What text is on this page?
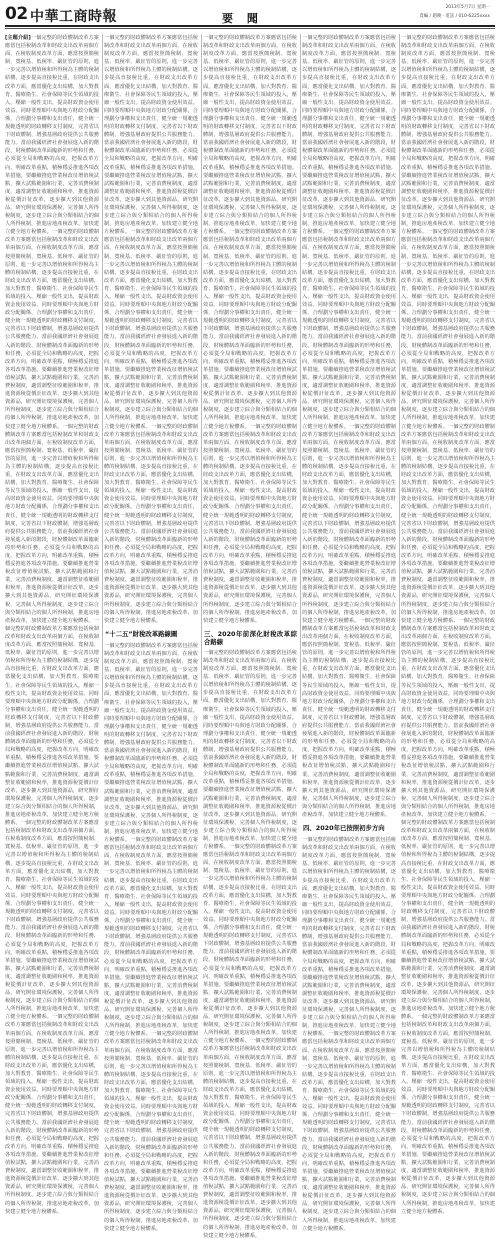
02 中華工商時報	要 聞
2013年5月7日 星期一
責編 / 趙曉 · 電話 / 010-6225xxxx
[主題介紹]一個完整的財政體制改革方案應當包括稅制改革和財政支出改革兩個方面，在稅收制度改革方面，應當按照簡稅制、寬稅基、低稅率、嚴征管的原則，進一步完善以增值稅和所得稅為主體的稅制結構，逐步提高直接稅比重，在財政支出改革方面，應當優化支出結構，加大對教育、醫療衛生、社會保障等民生領域的投入，壓縮一般性支出，提高財政資金使用效益。同時要理順中央與地方財政分配關係，合理劃分事權和支出責任，健全統一規範透明的財政轉移支付制度，完善省以下財政體制，增強基層政府提供公共服務能力。當前我國經濟社會發展進入新的階段，財稅體制改革面臨新的形勢和任務，必須從全局和戰略的高度，把握改革方向，明確改革重點，積極穩妥推進各項改革措施。要繼續推進營業稅改征增值稅試點，擴大試點範圍和行業，完善消費稅制度，適當調整征收範圍和稅率，推進資源稅從價計征改革，逐步擴大到其他資源品，研究開征環境保護稅，完善個人所得稅制度，逐步建立綜合與分類相結合的個人所得稅制，推進房地產稅改革，加快建立健全地方稅體系。一個完整的財政體制改革方案應當包括稅制改革和財政支出改革兩個方面，在稅收制度改革方面，應當按照簡稅制、寬稅基、低稅率、嚴征管的原則，進一步完善以增值稅和所得稅為主體的稅制結構，逐步提高直接稅比重，在財政支出改革方面，應當優化支出結構，加大對教育、醫療衛生、社會保障等民生領域的投入，壓縮一般性支出，提高財政資金使用效益。同時要理順中央與地方財政分配關係，合理劃分事權和支出責任，健全統一規範透明的財政轉移支付制度，完善省以下財政體制，增強基層政府提供公共服務能力。當前我國經濟社會發展進入新的階段，財稅體制改革面臨新的形勢和任務，必須從全局和戰略的高度，把握改革方向，明確改革重點，積極穩妥推進各項改革措施。要繼續推進營業稅改征增值稅試點，擴大試點範圍和行業，完善消費稅制度，適當調整征收範圍和稅率，推進資源稅從價計征改革，逐步擴大到其他資源品，研究開征環境保護稅，完善個人所得稅制度，逐步建立綜合與分類相結合的個人所得稅制，推進房地產稅改革，加快建立健全地方稅體系。一個完整的財政體制改革方案應當包括稅制改革和財政支出改革兩個方面，在稅收制度改革方面，應當按照簡稅制、寬稅基、低稅率、嚴征管的原則，進一步完善以增值稅和所得稅為主體的稅制結構，逐步提高直接稅比重，在財政支出改革方面，應當優化支出結構，加大對教育、醫療衛生、社會保障等民生領域的投入，壓縮一般性支出，提高財政資金使用效益。同時要理順中央與地方財政分配關係，合理劃分事權和支出責任，健全統一規範透明的財政轉移支付制度，完善省以下財政體制，增強基層政府提供公共服務能力。當前我國經濟社會發展進入新的階段，財稅體制改革面臨新的形勢和任務，必須從全局和戰略的高度，把握改革方向，明確改革重點，積極穩妥推進各項改革措施。要繼續推進營業稅改征增值稅試點，擴大試點範圍和行業，完善消費稅制度，適當調整征收範圍和稅率，推進資源稅從價計征改革，逐步擴大到其他資源品，研究開征環境保護稅，完善個人所得稅制度，逐步建立綜合與分類相結合的個人所得稅制，推進房地產稅改革，加快建立健全地方稅體系。一個完整的財政體制改革方案應當包括稅制改革和財政支出改革兩個方面，在稅收制度改革方面，應當按照簡稅制、寬稅基、低稅率、嚴征管的原則，進一步完善以增值稅和所得稅為主體的稅制結構，逐步提高直接稅比重，在財政支出改革方面，應當優化支出結構，加大對教育、醫療衛生、社會保障等民生領域的投入，壓縮一般性支出，提高財政資金使用效益。同時要理順中央與地方財政分配關係，合理劃分事權和支出責任，健全統一規範透明的財政轉移支付制度，完善省以下財政體制，增強基層政府提供公共服務能力。當前我國經濟社會發展進入新的階段，財稅體制改革面臨新的形勢和任務，必須從全局和戰略的高度，把握改革方向，明確改革重點，積極穩妥推進各項改革措施。要繼續推進營業稅改征增值稅試點，擴大試點範圍和行業，完善消費稅制度，適當調整征收範圍和稅率，推進資源稅從價計征改革，逐步擴大到其他資源品，研究開征環境保護稅，完善個人所得稅制度，逐步建立綜合與分類相結合的個人所得稅制，推進房地產稅改革，加快建立健全地方稅體系。一個完整的財政體制改革方案應當包括稅制改革和財政支出改革兩個方面，在稅收制度改革方面，應當按照簡稅制、寬稅基、低稅率、嚴征管的原則，進一步完善以增值稅和所得稅為主體的稅制結構，逐步提高直接稅比重，在財政支出改革方面，應當優化支出結構，加大對教育、醫療衛生、社會保障等民生領域的投入，壓縮一般性支出，提高財政資金使用效益。同時要理順中央與地方財政分配關係，合理劃分事權和支出責任，健全統一規範透明的財政轉移支付制度，完善省以下財政體制，增強基層政府提供公共服務能力。當前我國經濟社會發展進入新的階段，財稅體制改革面臨新的形勢和任務，必須從全局和戰略的高度，把握改革方向，明確改革重點，積極穩妥推進各項改革措施。要繼續推進營業稅改征增值稅試點，擴大試點範圍和行業，完善消費稅制度，適當調整征收範圍和稅率，推進資源稅從價計征改革，逐步擴大到其他資源品，研究開征環境保護稅，完善個人所得稅制度，逐步建立綜合與分類相結合的個人所得稅制，推進房地產稅改革，加快建立健全地方稅體系。一個完整的財政體制改革方案應當包括稅制改革和財政支出改革兩個方面，在稅收制度改革方面，應當按照簡稅制、寬稅基、低稅率、嚴征管的原則，進一步完善以增值稅和所得稅為主體的稅制結構，逐步提高直接稅比重，在財政支出改革方面，應當優化支出結構，加大對教育、醫療衛生、社會保障等民生領域的投入，壓縮一般性支出，提高財政資金使用效益。同時要理順中央與地方財政分配關係，合理劃分事權和支出責任，健全統一規範透明的財政轉移支付制度，完善省以下財政體制，增強基層政府提供公共服務能力。當前我國經濟社會發展進入新的階段，財稅體制改革面臨新的形勢和任務，必須從全局和戰略的高度，把握改革方向，明確改革重點，積極穩妥推進各項改革措施。要繼續推進營業稅改征增值稅試點，擴大試點範圍和行業，完善消費稅制度，適當調整征收範圍和稅率，推進資源稅從價計征改革，逐步擴大到其他資源品，研究開征環境保護稅，完善個人所得稅制度，逐步建立綜合與分類相結合的個人所得稅制，推進房地產稅改革，加快建立健全地方稅體系。
一個完整的財政體制改革方案應當包括稅制改革和財政支出改革兩個方面，在稅收制度改革方面，應當按照簡稅制、寬稅基、低稅率、嚴征管的原則，進一步完善以增值稅和所得稅為主體的稅制結構，逐步提高直接稅比重，在財政支出改革方面，應當優化支出結構，加大對教育、醫療衛生、社會保障等民生領域的投入，壓縮一般性支出，提高財政資金使用效益。同時要理順中央與地方財政分配關係，合理劃分事權和支出責任，健全統一規範透明的財政轉移支付制度，完善省以下財政體制，增強基層政府提供公共服務能力。當前我國經濟社會發展進入新的階段，財稅體制改革面臨新的形勢和任務，必須從全局和戰略的高度，把握改革方向，明確改革重點，積極穩妥推進各項改革措施。要繼續推進營業稅改征增值稅試點，擴大試點範圍和行業，完善消費稅制度，適當調整征收範圍和稅率，推進資源稅從價計征改革，逐步擴大到其他資源品，研究開征環境保護稅，完善個人所得稅制度，逐步建立綜合與分類相結合的個人所得稅制，推進房地產稅改革，加快建立健全地方稅體系。一個完整的財政體制改革方案應當包括稅制改革和財政支出改革兩個方面，在稅收制度改革方面，應當按照簡稅制、寬稅基、低稅率、嚴征管的原則，進一步完善以增值稅和所得稅為主體的稅制結構，逐步提高直接稅比重，在財政支出改革方面，應當優化支出結構，加大對教育、醫療衛生、社會保障等民生領域的投入，壓縮一般性支出，提高財政資金使用效益。同時要理順中央與地方財政分配關係，合理劃分事權和支出責任，健全統一規範透明的財政轉移支付制度，完善省以下財政體制，增強基層政府提供公共服務能力。當前我國經濟社會發展進入新的階段，財稅體制改革面臨新的形勢和任務，必須從全局和戰略的高度，把握改革方向，明確改革重點，積極穩妥推進各項改革措施。要繼續推進營業稅改征增值稅試點，擴大試點範圍和行業，完善消費稅制度，適當調整征收範圍和稅率，推進資源稅從價計征改革，逐步擴大到其他資源品，研究開征環境保護稅，完善個人所得稅制度，逐步建立綜合與分類相結合的個人所得稅制，推進房地產稅改革，加快建立健全地方稅體系。一個完整的財政體制改革方案應當包括稅制改革和財政支出改革兩個方面，在稅收制度改革方面，應當按照簡稅制、寬稅基、低稅率、嚴征管的原則，進一步完善以增值稅和所得稅為主體的稅制結構，逐步提高直接稅比重，在財政支出改革方面，應當優化支出結構，加大對教育、醫療衛生、社會保障等民生領域的投入，壓縮一般性支出，提高財政資金使用效益。同時要理順中央與地方財政分配關係，合理劃分事權和支出責任，健全統一規範透明的財政轉移支付制度，完善省以下財政體制，增強基層政府提供公共服務能力。當前我國經濟社會發展進入新的階段，財稅體制改革面臨新的形勢和任務，必須從全局和戰略的高度，把握改革方向，明確改革重點，積極穩妥推進各項改革措施。要繼續推進營業稅改征增值稅試點，擴大試點範圍和行業，完善消費稅制度，適當調整征收範圍和稅率，推進資源稅從價計征改革，逐步擴大到其他資源品，研究開征環境保護稅，完善個人所得稅制度，逐步建立綜合與分類相結合的個人所得稅制，推進房地產稅改革，加快建立健全地方稅體系。
“十二五”財稅改革路線圖
一個完整的財政體制改革方案應當包括稅制改革和財政支出改革兩個方面，在稅收制度改革方面，應當按照簡稅制、寬稅基、低稅率、嚴征管的原則，進一步完善以增值稅和所得稅為主體的稅制結構，逐步提高直接稅比重，在財政支出改革方面，應當優化支出結構，加大對教育、醫療衛生、社會保障等民生領域的投入，壓縮一般性支出，提高財政資金使用效益。同時要理順中央與地方財政分配關係，合理劃分事權和支出責任，健全統一規範透明的財政轉移支付制度，完善省以下財政體制，增強基層政府提供公共服務能力。當前我國經濟社會發展進入新的階段，財稅體制改革面臨新的形勢和任務，必須從全局和戰略的高度，把握改革方向，明確改革重點，積極穩妥推進各項改革措施。要繼續推進營業稅改征增值稅試點，擴大試點範圍和行業，完善消費稅制度，適當調整征收範圍和稅率，推進資源稅從價計征改革，逐步擴大到其他資源品，研究開征環境保護稅，完善個人所得稅制度，逐步建立綜合與分類相結合的個人所得稅制，推進房地產稅改革，加快建立健全地方稅體系。一個完整的財政體制改革方案應當包括稅制改革和財政支出改革兩個方面，在稅收制度改革方面，應當按照簡稅制、寬稅基、低稅率、嚴征管的原則，進一步完善以增值稅和所得稅為主體的稅制結構，逐步提高直接稅比重，在財政支出改革方面，應當優化支出結構，加大對教育、醫療衛生、社會保障等民生領域的投入，壓縮一般性支出，提高財政資金使用效益。同時要理順中央與地方財政分配關係，合理劃分事權和支出責任，健全統一規範透明的財政轉移支付制度，完善省以下財政體制，增強基層政府提供公共服務能力。當前我國經濟社會發展進入新的階段，財稅體制改革面臨新的形勢和任務，必須從全局和戰略的高度，把握改革方向，明確改革重點，積極穩妥推進各項改革措施。要繼續推進營業稅改征增值稅試點，擴大試點範圍和行業，完善消費稅制度，適當調整征收範圍和稅率，推進資源稅從價計征改革，逐步擴大到其他資源品，研究開征環境保護稅，完善個人所得稅制度，逐步建立綜合與分類相結合的個人所得稅制，推進房地產稅改革，加快建立健全地方稅體系。一個完整的財政體制改革方案應當包括稅制改革和財政支出改革兩個方面，在稅收制度改革方面，應當按照簡稅制、寬稅基、低稅率、嚴征管的原則，進一步完善以增值稅和所得稅為主體的稅制結構，逐步提高直接稅比重，在財政支出改革方面，應當優化支出結構，加大對教育、醫療衛生、社會保障等民生領域的投入，壓縮一般性支出，提高財政資金使用效益。同時要理順中央與地方財政分配關係，合理劃分事權和支出責任，健全統一規範透明的財政轉移支付制度，完善省以下財政體制，增強基層政府提供公共服務能力。當前我國經濟社會發展進入新的階段，財稅體制改革面臨新的形勢和任務，必須從全局和戰略的高度，把握改革方向，明確改革重點，積極穩妥推進各項改革措施。要繼續推進營業稅改征增值稅試點，擴大試點範圍和行業，完善消費稅制度，適當調整征收範圍和稅率，推進資源稅從價計征改革，逐步擴大到其他資源品，研究開征環境保護稅，完善個人所得稅制度，逐步建立綜合與分類相結合的個人所得稅制，推進房地產稅改革，加快建立健全地方稅體系。
一個完整的財政體制改革方案應當包括稅制改革和財政支出改革兩個方面，在稅收制度改革方面，應當按照簡稅制、寬稅基、低稅率、嚴征管的原則，進一步完善以增值稅和所得稅為主體的稅制結構，逐步提高直接稅比重，在財政支出改革方面，應當優化支出結構，加大對教育、醫療衛生、社會保障等民生領域的投入，壓縮一般性支出，提高財政資金使用效益。同時要理順中央與地方財政分配關係，合理劃分事權和支出責任，健全統一規範透明的財政轉移支付制度，完善省以下財政體制，增強基層政府提供公共服務能力。當前我國經濟社會發展進入新的階段，財稅體制改革面臨新的形勢和任務，必須從全局和戰略的高度，把握改革方向，明確改革重點，積極穩妥推進各項改革措施。要繼續推進營業稅改征增值稅試點，擴大試點範圍和行業，完善消費稅制度，適當調整征收範圍和稅率，推進資源稅從價計征改革，逐步擴大到其他資源品，研究開征環境保護稅，完善個人所得稅制度，逐步建立綜合與分類相結合的個人所得稅制，推進房地產稅改革，加快建立健全地方稅體系。一個完整的財政體制改革方案應當包括稅制改革和財政支出改革兩個方面，在稅收制度改革方面，應當按照簡稅制、寬稅基、低稅率、嚴征管的原則，進一步完善以增值稅和所得稅為主體的稅制結構，逐步提高直接稅比重，在財政支出改革方面，應當優化支出結構，加大對教育、醫療衛生、社會保障等民生領域的投入，壓縮一般性支出，提高財政資金使用效益。同時要理順中央與地方財政分配關係，合理劃分事權和支出責任，健全統一規範透明的財政轉移支付制度，完善省以下財政體制，增強基層政府提供公共服務能力。當前我國經濟社會發展進入新的階段，財稅體制改革面臨新的形勢和任務，必須從全局和戰略的高度，把握改革方向，明確改革重點，積極穩妥推進各項改革措施。要繼續推進營業稅改征增值稅試點，擴大試點範圍和行業，完善消費稅制度，適當調整征收範圍和稅率，推進資源稅從價計征改革，逐步擴大到其他資源品，研究開征環境保護稅，完善個人所得稅制度，逐步建立綜合與分類相結合的個人所得稅制，推進房地產稅改革，加快建立健全地方稅體系。一個完整的財政體制改革方案應當包括稅制改革和財政支出改革兩個方面，在稅收制度改革方面，應當按照簡稅制、寬稅基、低稅率、嚴征管的原則，進一步完善以增值稅和所得稅為主體的稅制結構，逐步提高直接稅比重，在財政支出改革方面，應當優化支出結構，加大對教育、醫療衛生、社會保障等民生領域的投入，壓縮一般性支出，提高財政資金使用效益。同時要理順中央與地方財政分配關係，合理劃分事權和支出責任，健全統一規範透明的財政轉移支付制度，完善省以下財政體制，增強基層政府提供公共服務能力。當前我國經濟社會發展進入新的階段，財稅體制改革面臨新的形勢和任務，必須從全局和戰略的高度，把握改革方向，明確改革重點，積極穩妥推進各項改革措施。要繼續推進營業稅改征增值稅試點，擴大試點範圍和行業，完善消費稅制度，適當調整征收範圍和稅率，推進資源稅從價計征改革，逐步擴大到其他資源品，研究開征環境保護稅，完善個人所得稅制度，逐步建立綜合與分類相結合的個人所得稅制，推進房地產稅改革，加快建立健全地方稅體系。
三、2020年前深化財稅改革綜合路線
一個完整的財政體制改革方案應當包括稅制改革和財政支出改革兩個方面，在稅收制度改革方面，應當按照簡稅制、寬稅基、低稅率、嚴征管的原則，進一步完善以增值稅和所得稅為主體的稅制結構，逐步提高直接稅比重，在財政支出改革方面，應當優化支出結構，加大對教育、醫療衛生、社會保障等民生領域的投入，壓縮一般性支出，提高財政資金使用效益。同時要理順中央與地方財政分配關係，合理劃分事權和支出責任，健全統一規範透明的財政轉移支付制度，完善省以下財政體制，增強基層政府提供公共服務能力。當前我國經濟社會發展進入新的階段，財稅體制改革面臨新的形勢和任務，必須從全局和戰略的高度，把握改革方向，明確改革重點，積極穩妥推進各項改革措施。要繼續推進營業稅改征增值稅試點，擴大試點範圍和行業，完善消費稅制度，適當調整征收範圍和稅率，推進資源稅從價計征改革，逐步擴大到其他資源品，研究開征環境保護稅，完善個人所得稅制度，逐步建立綜合與分類相結合的個人所得稅制，推進房地產稅改革，加快建立健全地方稅體系。一個完整的財政體制改革方案應當包括稅制改革和財政支出改革兩個方面，在稅收制度改革方面，應當按照簡稅制、寬稅基、低稅率、嚴征管的原則，進一步完善以增值稅和所得稅為主體的稅制結構，逐步提高直接稅比重，在財政支出改革方面，應當優化支出結構，加大對教育、醫療衛生、社會保障等民生領域的投入，壓縮一般性支出，提高財政資金使用效益。同時要理順中央與地方財政分配關係，合理劃分事權和支出責任，健全統一規範透明的財政轉移支付制度，完善省以下財政體制，增強基層政府提供公共服務能力。當前我國經濟社會發展進入新的階段，財稅體制改革面臨新的形勢和任務，必須從全局和戰略的高度，把握改革方向，明確改革重點，積極穩妥推進各項改革措施。要繼續推進營業稅改征增值稅試點，擴大試點範圍和行業，完善消費稅制度，適當調整征收範圍和稅率，推進資源稅從價計征改革，逐步擴大到其他資源品，研究開征環境保護稅，完善個人所得稅制度，逐步建立綜合與分類相結合的個人所得稅制，推進房地產稅改革，加快建立健全地方稅體系。一個完整的財政體制改革方案應當包括稅制改革和財政支出改革兩個方面，在稅收制度改革方面，應當按照簡稅制、寬稅基、低稅率、嚴征管的原則，進一步完善以增值稅和所得稅為主體的稅制結構，逐步提高直接稅比重，在財政支出改革方面，應當優化支出結構，加大對教育、醫療衛生、社會保障等民生領域的投入，壓縮一般性支出，提高財政資金使用效益。同時要理順中央與地方財政分配關係，合理劃分事權和支出責任，健全統一規範透明的財政轉移支付制度，完善省以下財政體制，增強基層政府提供公共服務能力。當前我國經濟社會發展進入新的階段，財稅體制改革面臨新的形勢和任務，必須從全局和戰略的高度，把握改革方向，明確改革重點，積極穩妥推進各項改革措施。要繼續推進營業稅改征增值稅試點，擴大試點範圍和行業，完善消費稅制度，適當調整征收範圍和稅率，推進資源稅從價計征改革，逐步擴大到其他資源品，研究開征環境保護稅，完善個人所得稅制度，逐步建立綜合與分類相結合的個人所得稅制，推進房地產稅改革，加快建立健全地方稅體系。
一個完整的財政體制改革方案應當包括稅制改革和財政支出改革兩個方面，在稅收制度改革方面，應當按照簡稅制、寬稅基、低稅率、嚴征管的原則，進一步完善以增值稅和所得稅為主體的稅制結構，逐步提高直接稅比重，在財政支出改革方面，應當優化支出結構，加大對教育、醫療衛生、社會保障等民生領域的投入，壓縮一般性支出，提高財政資金使用效益。同時要理順中央與地方財政分配關係，合理劃分事權和支出責任，健全統一規範透明的財政轉移支付制度，完善省以下財政體制，增強基層政府提供公共服務能力。當前我國經濟社會發展進入新的階段，財稅體制改革面臨新的形勢和任務，必須從全局和戰略的高度，把握改革方向，明確改革重點，積極穩妥推進各項改革措施。要繼續推進營業稅改征增值稅試點，擴大試點範圍和行業，完善消費稅制度，適當調整征收範圍和稅率，推進資源稅從價計征改革，逐步擴大到其他資源品，研究開征環境保護稅，完善個人所得稅制度，逐步建立綜合與分類相結合的個人所得稅制，推進房地產稅改革，加快建立健全地方稅體系。一個完整的財政體制改革方案應當包括稅制改革和財政支出改革兩個方面，在稅收制度改革方面，應當按照簡稅制、寬稅基、低稅率、嚴征管的原則，進一步完善以增值稅和所得稅為主體的稅制結構，逐步提高直接稅比重，在財政支出改革方面，應當優化支出結構，加大對教育、醫療衛生、社會保障等民生領域的投入，壓縮一般性支出，提高財政資金使用效益。同時要理順中央與地方財政分配關係，合理劃分事權和支出責任，健全統一規範透明的財政轉移支付制度，完善省以下財政體制，增強基層政府提供公共服務能力。當前我國經濟社會發展進入新的階段，財稅體制改革面臨新的形勢和任務，必須從全局和戰略的高度，把握改革方向，明確改革重點，積極穩妥推進各項改革措施。要繼續推進營業稅改征增值稅試點，擴大試點範圍和行業，完善消費稅制度，適當調整征收範圍和稅率，推進資源稅從價計征改革，逐步擴大到其他資源品，研究開征環境保護稅，完善個人所得稅制度，逐步建立綜合與分類相結合的個人所得稅制，推進房地產稅改革，加快建立健全地方稅體系。一個完整的財政體制改革方案應當包括稅制改革和財政支出改革兩個方面，在稅收制度改革方面，應當按照簡稅制、寬稅基、低稅率、嚴征管的原則，進一步完善以增值稅和所得稅為主體的稅制結構，逐步提高直接稅比重，在財政支出改革方面，應當優化支出結構，加大對教育、醫療衛生、社會保障等民生領域的投入，壓縮一般性支出，提高財政資金使用效益。同時要理順中央與地方財政分配關係，合理劃分事權和支出責任，健全統一規範透明的財政轉移支付制度，完善省以下財政體制，增強基層政府提供公共服務能力。當前我國經濟社會發展進入新的階段，財稅體制改革面臨新的形勢和任務，必須從全局和戰略的高度，把握改革方向，明確改革重點，積極穩妥推進各項改革措施。要繼續推進營業稅改征增值稅試點，擴大試點範圍和行業，完善消費稅制度，適當調整征收範圍和稅率，推進資源稅從價計征改革，逐步擴大到其他資源品，研究開征環境保護稅，完善個人所得稅制度，逐步建立綜合與分類相結合的個人所得稅制，推進房地產稅改革，加快建立健全地方稅體系。一個完整的財政體制改革方案應當包括稅制改革和財政支出改革兩個方面，在稅收制度改革方面，應當按照簡稅制、寬稅基、低稅率、嚴征管的原則，進一步完善以增值稅和所得稅為主體的稅制結構，逐步提高直接稅比重，在財政支出改革方面，應當優化支出結構，加大對教育、醫療衛生、社會保障等民生領域的投入，壓縮一般性支出，提高財政資金使用效益。同時要理順中央與地方財政分配關係，合理劃分事權和支出責任，健全統一規範透明的財政轉移支付制度，完善省以下財政體制，增強基層政府提供公共服務能力。當前我國經濟社會發展進入新的階段，財稅體制改革面臨新的形勢和任務，必須從全局和戰略的高度，把握改革方向，明確改革重點，積極穩妥推進各項改革措施。要繼續推進營業稅改征增值稅試點，擴大試點範圍和行業，完善消費稅制度，適當調整征收範圍和稅率，推進資源稅從價計征改革，逐步擴大到其他資源品，研究開征環境保護稅，完善個人所得稅制度，逐步建立綜合與分類相結合的個人所得稅制，推進房地產稅改革，加快建立健全地方稅體系。
四、2020年已按照初步方向
一個完整的財政體制改革方案應當包括稅制改革和財政支出改革兩個方面，在稅收制度改革方面，應當按照簡稅制、寬稅基、低稅率、嚴征管的原則，進一步完善以增值稅和所得稅為主體的稅制結構，逐步提高直接稅比重，在財政支出改革方面，應當優化支出結構，加大對教育、醫療衛生、社會保障等民生領域的投入，壓縮一般性支出，提高財政資金使用效益。同時要理順中央與地方財政分配關係，合理劃分事權和支出責任，健全統一規範透明的財政轉移支付制度，完善省以下財政體制，增強基層政府提供公共服務能力。當前我國經濟社會發展進入新的階段，財稅體制改革面臨新的形勢和任務，必須從全局和戰略的高度，把握改革方向，明確改革重點，積極穩妥推進各項改革措施。要繼續推進營業稅改征增值稅試點，擴大試點範圍和行業，完善消費稅制度，適當調整征收範圍和稅率，推進資源稅從價計征改革，逐步擴大到其他資源品，研究開征環境保護稅，完善個人所得稅制度，逐步建立綜合與分類相結合的個人所得稅制，推進房地產稅改革，加快建立健全地方稅體系。一個完整的財政體制改革方案應當包括稅制改革和財政支出改革兩個方面，在稅收制度改革方面，應當按照簡稅制、寬稅基、低稅率、嚴征管的原則，進一步完善以增值稅和所得稅為主體的稅制結構，逐步提高直接稅比重，在財政支出改革方面，應當優化支出結構，加大對教育、醫療衛生、社會保障等民生領域的投入，壓縮一般性支出，提高財政資金使用效益。同時要理順中央與地方財政分配關係，合理劃分事權和支出責任，健全統一規範透明的財政轉移支付制度，完善省以下財政體制，增強基層政府提供公共服務能力。當前我國經濟社會發展進入新的階段，財稅體制改革面臨新的形勢和任務，必須從全局和戰略的高度，把握改革方向，明確改革重點，積極穩妥推進各項改革措施。要繼續推進營業稅改征增值稅試點，擴大試點範圍和行業，完善消費稅制度，適當調整征收範圍和稅率，推進資源稅從價計征改革，逐步擴大到其他資源品，研究開征環境保護稅，完善個人所得稅制度，逐步建立綜合與分類相結合的個人所得稅制，推進房地產稅改革，加快建立健全地方稅體系。
一個完整的財政體制改革方案應當包括稅制改革和財政支出改革兩個方面，在稅收制度改革方面，應當按照簡稅制、寬稅基、低稅率、嚴征管的原則，進一步完善以增值稅和所得稅為主體的稅制結構，逐步提高直接稅比重，在財政支出改革方面，應當優化支出結構，加大對教育、醫療衛生、社會保障等民生領域的投入，壓縮一般性支出，提高財政資金使用效益。同時要理順中央與地方財政分配關係，合理劃分事權和支出責任，健全統一規範透明的財政轉移支付制度，完善省以下財政體制，增強基層政府提供公共服務能力。當前我國經濟社會發展進入新的階段，財稅體制改革面臨新的形勢和任務，必須從全局和戰略的高度，把握改革方向，明確改革重點，積極穩妥推進各項改革措施。要繼續推進營業稅改征增值稅試點，擴大試點範圍和行業，完善消費稅制度，適當調整征收範圍和稅率，推進資源稅從價計征改革，逐步擴大到其他資源品，研究開征環境保護稅，完善個人所得稅制度，逐步建立綜合與分類相結合的個人所得稅制，推進房地產稅改革，加快建立健全地方稅體系。一個完整的財政體制改革方案應當包括稅制改革和財政支出改革兩個方面，在稅收制度改革方面，應當按照簡稅制、寬稅基、低稅率、嚴征管的原則，進一步完善以增值稅和所得稅為主體的稅制結構，逐步提高直接稅比重，在財政支出改革方面，應當優化支出結構，加大對教育、醫療衛生、社會保障等民生領域的投入，壓縮一般性支出，提高財政資金使用效益。同時要理順中央與地方財政分配關係，合理劃分事權和支出責任，健全統一規範透明的財政轉移支付制度，完善省以下財政體制，增強基層政府提供公共服務能力。當前我國經濟社會發展進入新的階段，財稅體制改革面臨新的形勢和任務，必須從全局和戰略的高度，把握改革方向，明確改革重點，積極穩妥推進各項改革措施。要繼續推進營業稅改征增值稅試點，擴大試點範圍和行業，完善消費稅制度，適當調整征收範圍和稅率，推進資源稅從價計征改革，逐步擴大到其他資源品，研究開征環境保護稅，完善個人所得稅制度，逐步建立綜合與分類相結合的個人所得稅制，推進房地產稅改革，加快建立健全地方稅體系。一個完整的財政體制改革方案應當包括稅制改革和財政支出改革兩個方面，在稅收制度改革方面，應當按照簡稅制、寬稅基、低稅率、嚴征管的原則，進一步完善以增值稅和所得稅為主體的稅制結構，逐步提高直接稅比重，在財政支出改革方面，應當優化支出結構，加大對教育、醫療衛生、社會保障等民生領域的投入，壓縮一般性支出，提高財政資金使用效益。同時要理順中央與地方財政分配關係，合理劃分事權和支出責任，健全統一規範透明的財政轉移支付制度，完善省以下財政體制，增強基層政府提供公共服務能力。當前我國經濟社會發展進入新的階段，財稅體制改革面臨新的形勢和任務，必須從全局和戰略的高度，把握改革方向，明確改革重點，積極穩妥推進各項改革措施。要繼續推進營業稅改征增值稅試點，擴大試點範圍和行業，完善消費稅制度，適當調整征收範圍和稅率，推進資源稅從價計征改革，逐步擴大到其他資源品，研究開征環境保護稅，完善個人所得稅制度，逐步建立綜合與分類相結合的個人所得稅制，推進房地產稅改革，加快建立健全地方稅體系。一個完整的財政體制改革方案應當包括稅制改革和財政支出改革兩個方面，在稅收制度改革方面，應當按照簡稅制、寬稅基、低稅率、嚴征管的原則，進一步完善以增值稅和所得稅為主體的稅制結構，逐步提高直接稅比重，在財政支出改革方面，應當優化支出結構，加大對教育、醫療衛生、社會保障等民生領域的投入，壓縮一般性支出，提高財政資金使用效益。同時要理順中央與地方財政分配關係，合理劃分事權和支出責任，健全統一規範透明的財政轉移支付制度，完善省以下財政體制，增強基層政府提供公共服務能力。當前我國經濟社會發展進入新的階段，財稅體制改革面臨新的形勢和任務，必須從全局和戰略的高度，把握改革方向，明確改革重點，積極穩妥推進各項改革措施。要繼續推進營業稅改征增值稅試點，擴大試點範圍和行業，完善消費稅制度，適當調整征收範圍和稅率，推進資源稅從價計征改革，逐步擴大到其他資源品，研究開征環境保護稅，完善個人所得稅制度，逐步建立綜合與分類相結合的個人所得稅制，推進房地產稅改革，加快建立健全地方稅體系。一個完整的財政體制改革方案應當包括稅制改革和財政支出改革兩個方面，在稅收制度改革方面，應當按照簡稅制、寬稅基、低稅率、嚴征管的原則，進一步完善以增值稅和所得稅為主體的稅制結構，逐步提高直接稅比重，在財政支出改革方面，應當優化支出結構，加大對教育、醫療衛生、社會保障等民生領域的投入，壓縮一般性支出，提高財政資金使用效益。同時要理順中央與地方財政分配關係，合理劃分事權和支出責任，健全統一規範透明的財政轉移支付制度，完善省以下財政體制，增強基層政府提供公共服務能力。當前我國經濟社會發展進入新的階段，財稅體制改革面臨新的形勢和任務，必須從全局和戰略的高度，把握改革方向，明確改革重點，積極穩妥推進各項改革措施。要繼續推進營業稅改征增值稅試點，擴大試點範圍和行業，完善消費稅制度，適當調整征收範圍和稅率，推進資源稅從價計征改革，逐步擴大到其他資源品，研究開征環境保護稅，完善個人所得稅制度，逐步建立綜合與分類相結合的個人所得稅制，推進房地產稅改革，加快建立健全地方稅體系。一個完整的財政體制改革方案應當包括稅制改革和財政支出改革兩個方面，在稅收制度改革方面，應當按照簡稅制、寬稅基、低稅率、嚴征管的原則，進一步完善以增值稅和所得稅為主體的稅制結構，逐步提高直接稅比重，在財政支出改革方面，應當優化支出結構，加大對教育、醫療衛生、社會保障等民生領域的投入，壓縮一般性支出，提高財政資金使用效益。同時要理順中央與地方財政分配關係，合理劃分事權和支出責任，健全統一規範透明的財政轉移支付制度，完善省以下財政體制，增強基層政府提供公共服務能力。當前我國經濟社會發展進入新的階段，財稅體制改革面臨新的形勢和任務，必須從全局和戰略的高度，把握改革方向，明確改革重點，積極穩妥推進各項改革措施。要繼續推進營業稅改征增值稅試點，擴大試點範圍和行業，完善消費稅制度，適當調整征收範圍和稅率，推進資源稅從價計征改革，逐步擴大到其他資源品，研究開征環境保護稅，完善個人所得稅制度，逐步建立綜合與分類相結合的個人所得稅制，推進房地產稅改革，加快建立健全地方稅體系。
